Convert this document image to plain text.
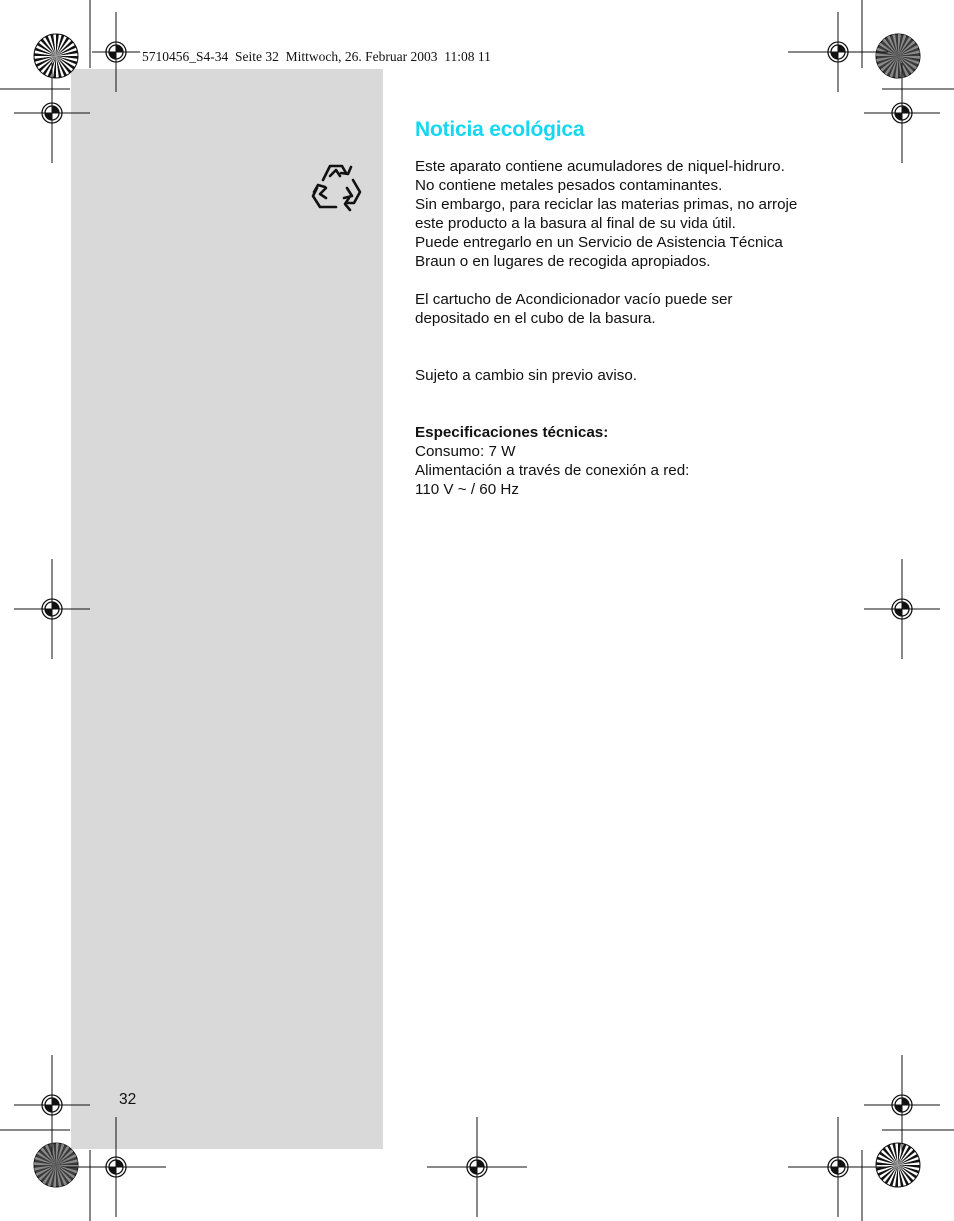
5710456_S4-34  Seite 32  Mittwoch, 26. Februar 2003  11:08 11
Noticia ecológica
Este aparato contiene acumuladores de niquel-hidruro.
No contiene metales pesados contaminantes.
Sin embargo, para reciclar las materias primas, no arroje
este producto a la basura al final de su vida útil.
Puede entregarlo en un Servicio de Asistencia Técnica
Braun o en lugares de recogida apropiados.
El cartucho de Acondicionador vacío puede ser
depositado en el cubo de la basura.
Sujeto a cambio sin previo aviso.
Especificaciones técnicas:
Consumo: 7 W
Alimentación a través de conexión a red:
110 V ~ / 60 Hz
32
